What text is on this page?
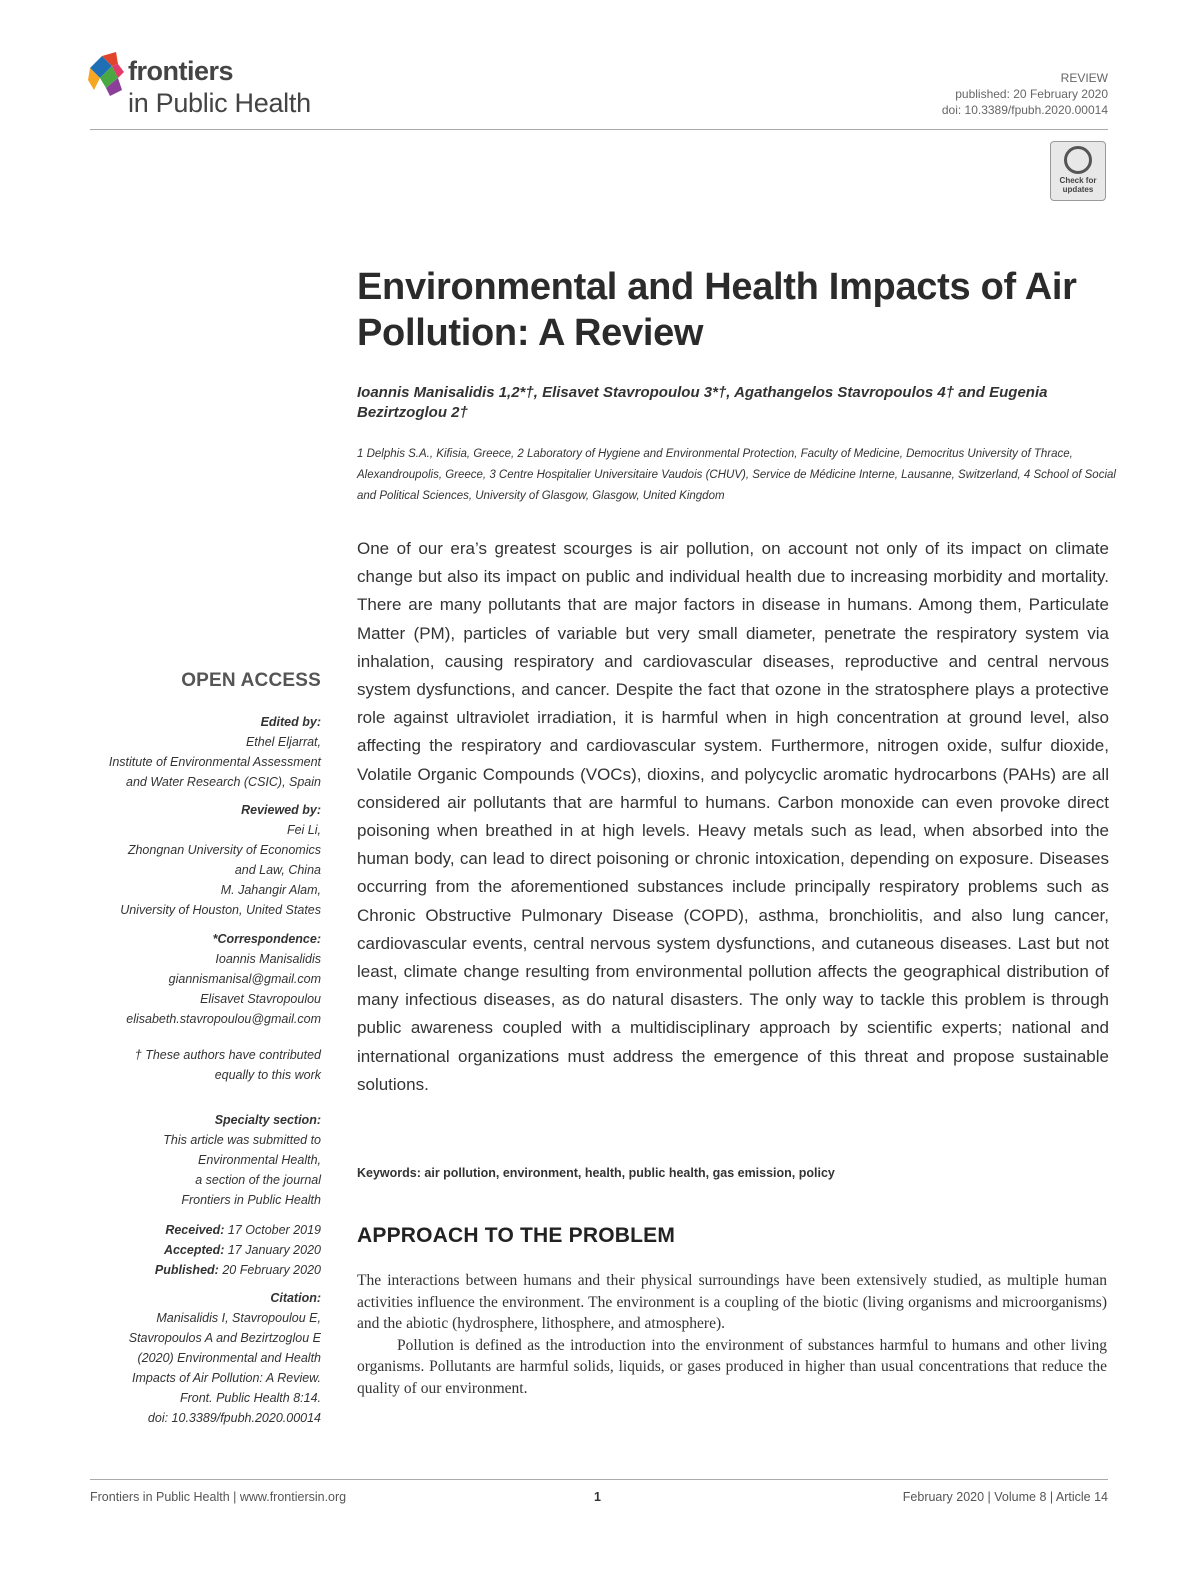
frontiers
in Public Health
REVIEW
published: 20 February 2020
doi: 10.3389/fpubh.2020.00014
Check for updates
Environmental and Health Impacts of Air Pollution: A Review
Ioannis Manisalidis 1,2*†, Elisavet Stavropoulou 3*†, Agathangelos Stavropoulos 4† and Eugenia Bezirtzoglou 2†
1 Delphis S.A., Kifisia, Greece, 2 Laboratory of Hygiene and Environmental Protection, Faculty of Medicine, Democritus University of Thrace, Alexandroupolis, Greece, 3 Centre Hospitalier Universitaire Vaudois (CHUV), Service de Médicine Interne, Lausanne, Switzerland, 4 School of Social and Political Sciences, University of Glasgow, Glasgow, United Kingdom
One of our era’s greatest scourges is air pollution, on account not only of its impact on climate change but also its impact on public and individual health due to increasing morbidity and mortality. There are many pollutants that are major factors in disease in humans. Among them, Particulate Matter (PM), particles of variable but very small diameter, penetrate the respiratory system via inhalation, causing respiratory and cardiovascular diseases, reproductive and central nervous system dysfunctions, and cancer. Despite the fact that ozone in the stratosphere plays a protective role against ultraviolet irradiation, it is harmful when in high concentration at ground level, also affecting the respiratory and cardiovascular system. Furthermore, nitrogen oxide, sulfur dioxide, Volatile Organic Compounds (VOCs), dioxins, and polycyclic aromatic hydrocarbons (PAHs) are all considered air pollutants that are harmful to humans. Carbon monoxide can even provoke direct poisoning when breathed in at high levels. Heavy metals such as lead, when absorbed into the human body, can lead to direct poisoning or chronic intoxication, depending on exposure. Diseases occurring from the aforementioned substances include principally respiratory problems such as Chronic Obstructive Pulmonary Disease (COPD), asthma, bronchiolitis, and also lung cancer, cardiovascular events, central nervous system dysfunctions, and cutaneous diseases. Last but not least, climate change resulting from environmental pollution affects the geographical distribution of many infectious diseases, as do natural disasters. The only way to tackle this problem is through public awareness coupled with a multidisciplinary approach by scientific experts; national and international organizations must address the emergence of this threat and propose sustainable solutions.
Keywords: air pollution, environment, health, public health, gas emission, policy
APPROACH TO THE PROBLEM

The interactions between humans and their physical surroundings have been extensively studied, as multiple human activities influence the environment. The environment is a coupling of the biotic (living organisms and microorganisms) and the abiotic (hydrosphere, lithosphere, and atmosphere).

Pollution is defined as the introduction into the environment of substances harmful to humans and other living organisms. Pollutants are harmful solids, liquids, or gases produced in higher than usual concentrations that reduce the quality of our environment.

OPEN ACCESS
Edited by:
Ethel Eljarrat,
Institute of Environmental Assessment
and Water Research (CSIC), Spain
Reviewed by:
Fei Li,
Zhongnan University of Economics
and Law, China
M. Jahangir Alam,
University of Houston, United States
*Correspondence:
Ioannis Manisalidis
giannismanisal@gmail.com
Elisavet Stavropoulou
elisabeth.stavropoulou@gmail.com
† These authors have contributed
equally to this work
Specialty section:
This article was submitted to
Environmental Health,
a section of the journal
Frontiers in Public Health
Received: 17 October 2019
Accepted: 17 January 2020
Published: 20 February 2020
Citation:
Manisalidis I, Stavropoulou E,
Stavropoulos A and Bezirtzoglou E
(2020) Environmental and Health
Impacts of Air Pollution: A Review.
Front. Public Health 8:14.
doi: 10.3389/fpubh.2020.00014
Frontiers in Public Health | www.frontiersin.org	1	February 2020 | Volume 8 | Article 14
